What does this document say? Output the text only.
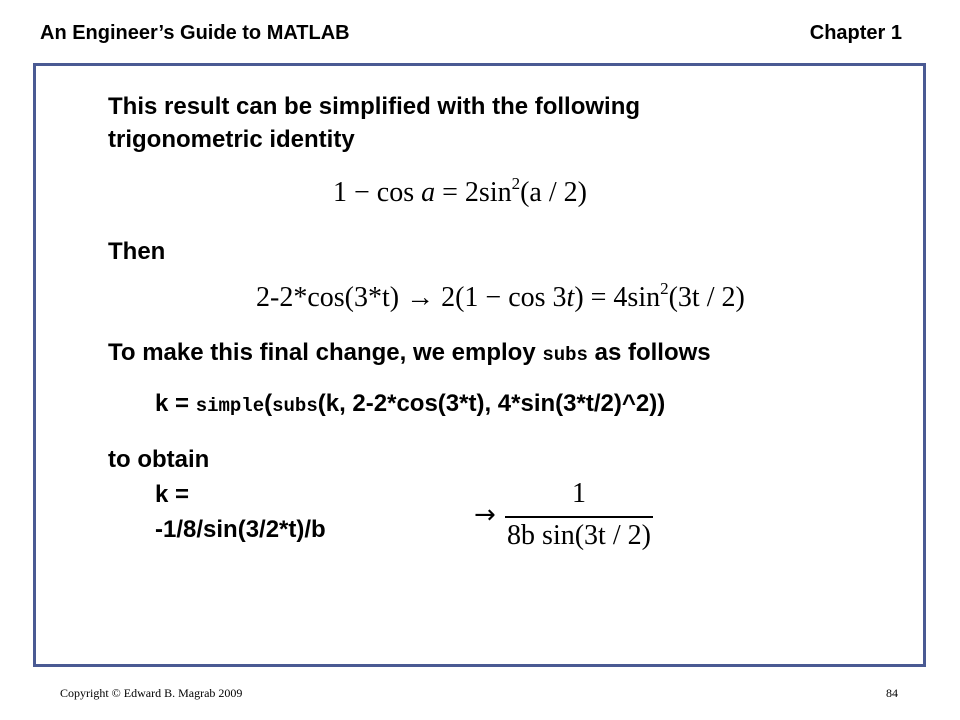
An Engineer’s Guide to MATLAB	Chapter 1
This result can be simplified with the following
trigonometric identity
$1 - \cos a = 2\sin^2(a / 2)$
Then
$2-2*\cos(3*t) \to 2(1 - \cos 3t) = 4\sin^2(3t / 2)$
To make this final change, we employ subs as follows
k = simple(subs(k, 2-2*cos(3*t), 4*sin(3*t/2)^2))
to obtain
k =
-1/8/sin(3/2*t)/b	→
1
8b sin(3t / 2)
Copyright © Edward B. Magrab 2009	84
